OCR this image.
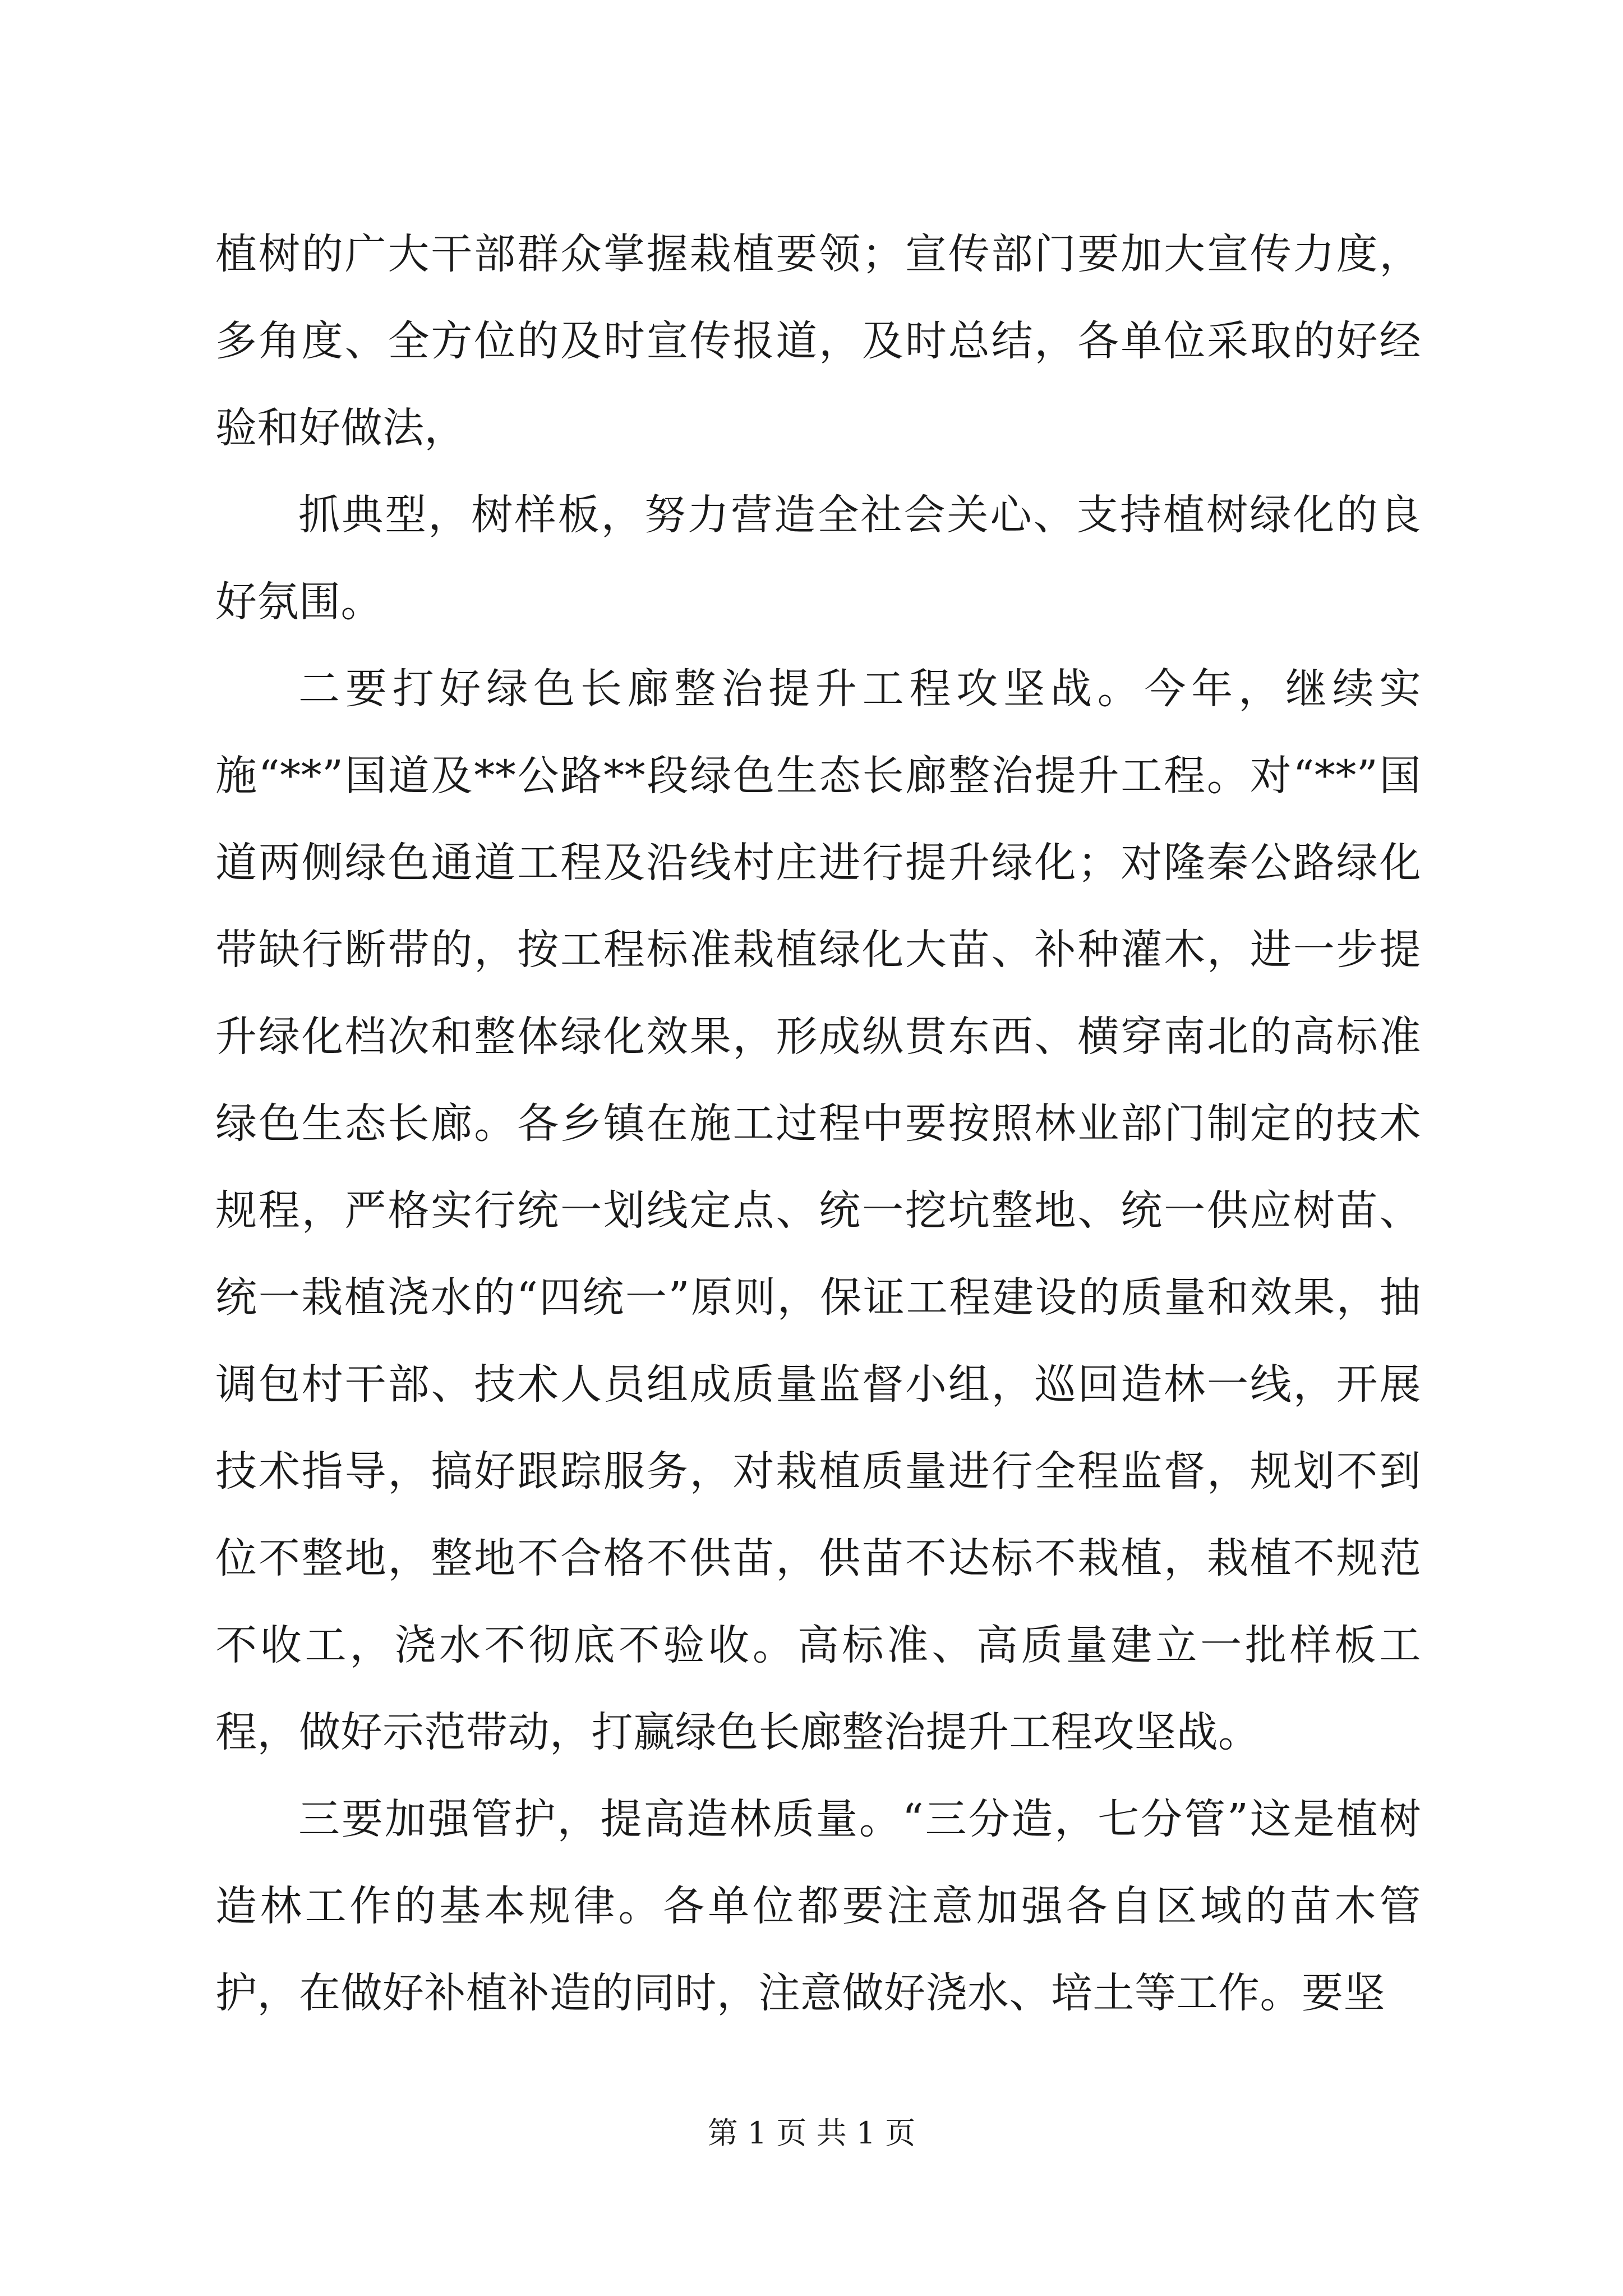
植树的广大干部群众掌握栽植要领；宣传部门要加大宣传力度，多角度、全方位的及时宣传报道，及时总结，各单位采取的好经验和好做法，

抓典型，树样板，努力营造全社会关心、支持植树绿化的良好氛围。

二要打好绿色长廊整治提升工程攻坚战。今年，继续实施“**”国道及**公路**段绿色生态长廊整治提升工程。对“**”国道两侧绿色通道工程及沿线村庄进行提升绿化；对隆秦公路绿化带缺行断带的，按工程标准栽植绿化大苗、补种灌木，进一步提升绿化档次和整体绿化效果，形成纵贯东西、横穿南北的高标准绿色生态长廊。各乡镇在施工过程中要按照林业部门制定的技术规程，严格实行统一划线定点、统一挖坑整地、统一供应树苗、统一栽植浇水的“四统一”原则，保证工程建设的质量和效果，抽调包村干部、技术人员组成质量监督小组，巡回造林一线，开展技术指导，搞好跟踪服务，对栽植质量进行全程监督，规划不到位不整地，整地不合格不供苗，供苗不达标不栽植，栽植不规范不收工，浇水不彻底不验收。高标准、高质量建立一批样板工程，做好示范带动，打赢绿色长廊整治提升工程攻坚战。

三要加强管护，提高造林质量。“三分造，七分管”这是植树造林工作的基本规律。各单位都要注意加强各自区域的苗木管护，在做好补植补造的同时，注意做好浇水、培土等工作。要坚

第 1 页 共 1 页
